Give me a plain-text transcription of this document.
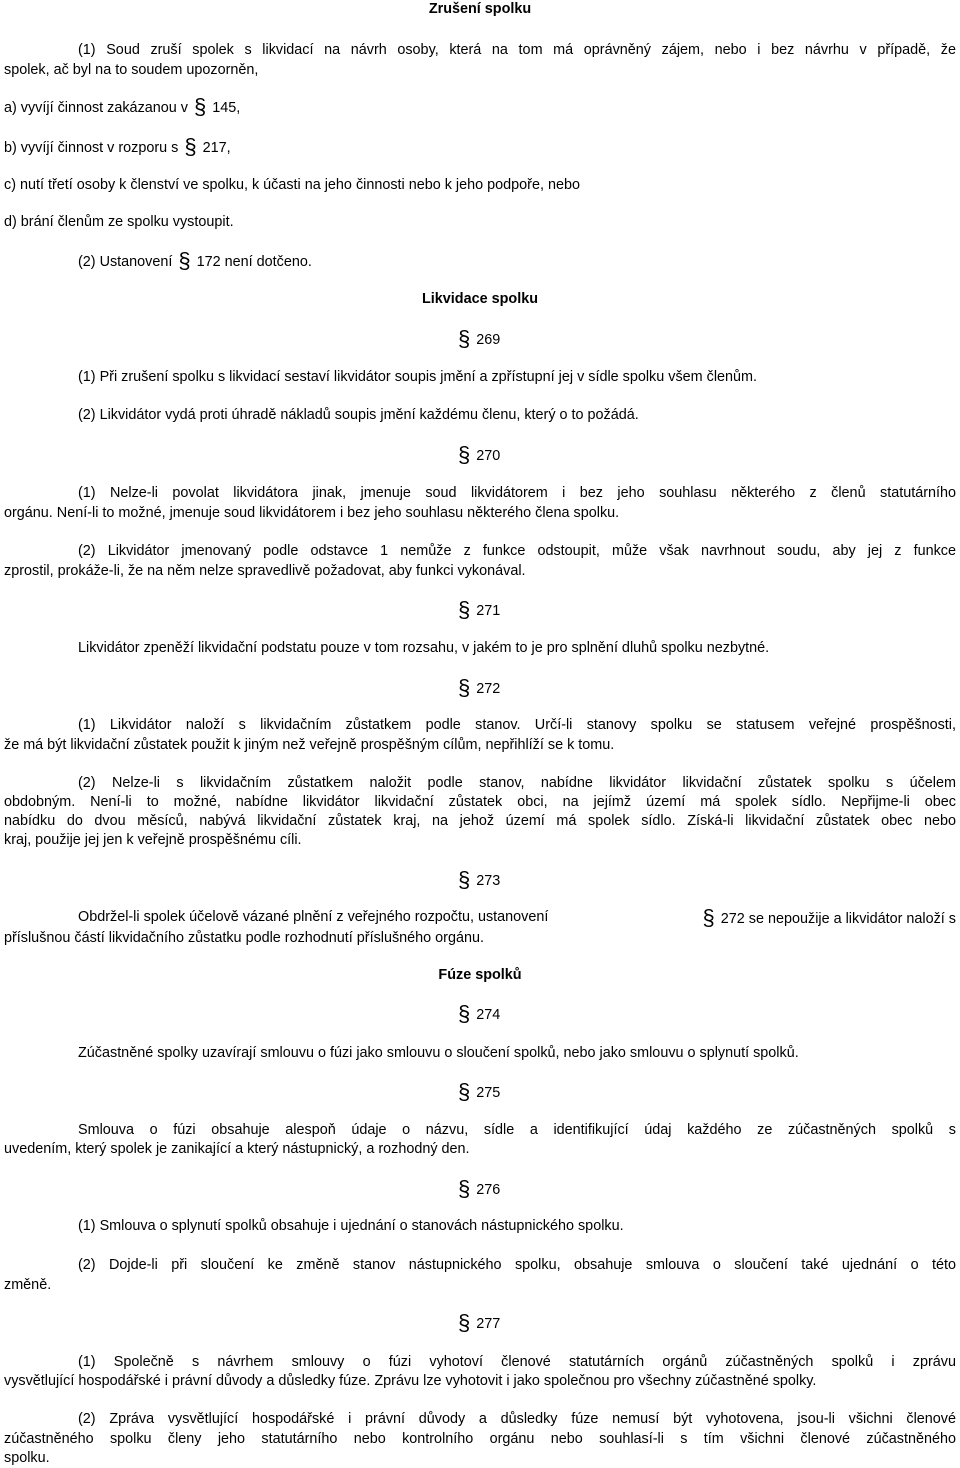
Zrušení spolku
(1) Soud zruší spolek s likvidací na návrh osoby, která na tom má oprávněný zájem, nebo i bez návrhu v případě, že
spolek, ač byl na to soudem upozorněn,
a) vyvíjí činnost zakázanou v § 145,
b) vyvíjí činnost v rozporu s § 217,
c) nutí třetí osoby k členství ve spolku, k účasti na jeho činnosti nebo k jeho podpoře, nebo
d) brání členům ze spolku vystoupit.
(2) Ustanovení § 172 není dotčeno.
Likvidace spolku
§ 269
(1) Při zrušení spolku s likvidací sestaví likvidátor soupis jmění a zpřístupní jej v sídle spolku všem členům.
(2) Likvidátor vydá proti úhradě nákladů soupis jmění každému členu, který o to požádá.
§ 270
(1) Nelze-li povolat likvidátora jinak, jmenuje soud likvidátorem i bez jeho souhlasu některého z členů statutárního
orgánu. Není-li to možné, jmenuje soud likvidátorem i bez jeho souhlasu některého člena spolku.
(2) Likvidátor jmenovaný podle odstavce 1 nemůže z funkce odstoupit, může však navrhnout soudu, aby jej z funkce
zprostil, prokáže-li, že na něm nelze spravedlivě požadovat, aby funkci vykonával.
§ 271
Likvidátor zpeněží likvidační podstatu pouze v tom rozsahu, v jakém to je pro splnění dluhů spolku nezbytné.
§ 272
(1) Likvidátor naloží s likvidačním zůstatkem podle stanov. Určí-li stanovy spolku se statusem veřejné prospěšnosti,
že má být likvidační zůstatek použit k jiným než veřejně prospěšným cílům, nepřihlíží se k tomu.
(2) Nelze-li s likvidačním zůstatkem naložit podle stanov, nabídne likvidátor likvidační zůstatek spolku s účelem
obdobným. Není-li to možné, nabídne likvidátor likvidační zůstatek obci, na jejímž území má spolek sídlo. Nepřijme-li obec
nabídku do dvou měsíců, nabývá likvidační zůstatek kraj, na jehož území má spolek sídlo. Získá-li likvidační zůstatek obec nebo
kraj, použije jej jen k veřejně prospěšnému cíli.
§ 273
Obdržel-li spolek účelově vázané plnění z veřejného rozpočtu, ustanovení	§ 272 se nepoužije a likvidátor naloží s
příslušnou částí likvidačního zůstatku podle rozhodnutí příslušného orgánu.
Fúze spolků
§ 274
Zúčastněné spolky uzavírají smlouvu o fúzi jako smlouvu o sloučení spolků, nebo jako smlouvu o splynutí spolků.
§ 275
Smlouva o fúzi obsahuje alespoň údaje o názvu, sídle a identifikující údaj každého ze zúčastněných spolků s
uvedením, který spolek je zanikající a který nástupnický, a rozhodný den.
§ 276
(1) Smlouva o splynutí spolků obsahuje i ujednání o stanovách nástupnického spolku.
(2) Dojde-li při sloučení ke změně stanov nástupnického spolku, obsahuje smlouva o sloučení také ujednání o této
změně.
§ 277
(1) Společně s návrhem smlouvy o fúzi vyhotoví členové statutárních orgánů zúčastněných spolků i zprávu
vysvětlující hospodářské i právní důvody a důsledky fúze. Zprávu lze vyhotovit i jako společnou pro všechny zúčastněné spolky.
(2) Zpráva vysvětlující hospodářské i právní důvody a důsledky fúze nemusí být vyhotovena, jsou-li všichni členové
zúčastněného spolku členy jeho statutárního nebo kontrolního orgánu nebo souhlasí-li s tím všichni členové zúčastněného
spolku.
